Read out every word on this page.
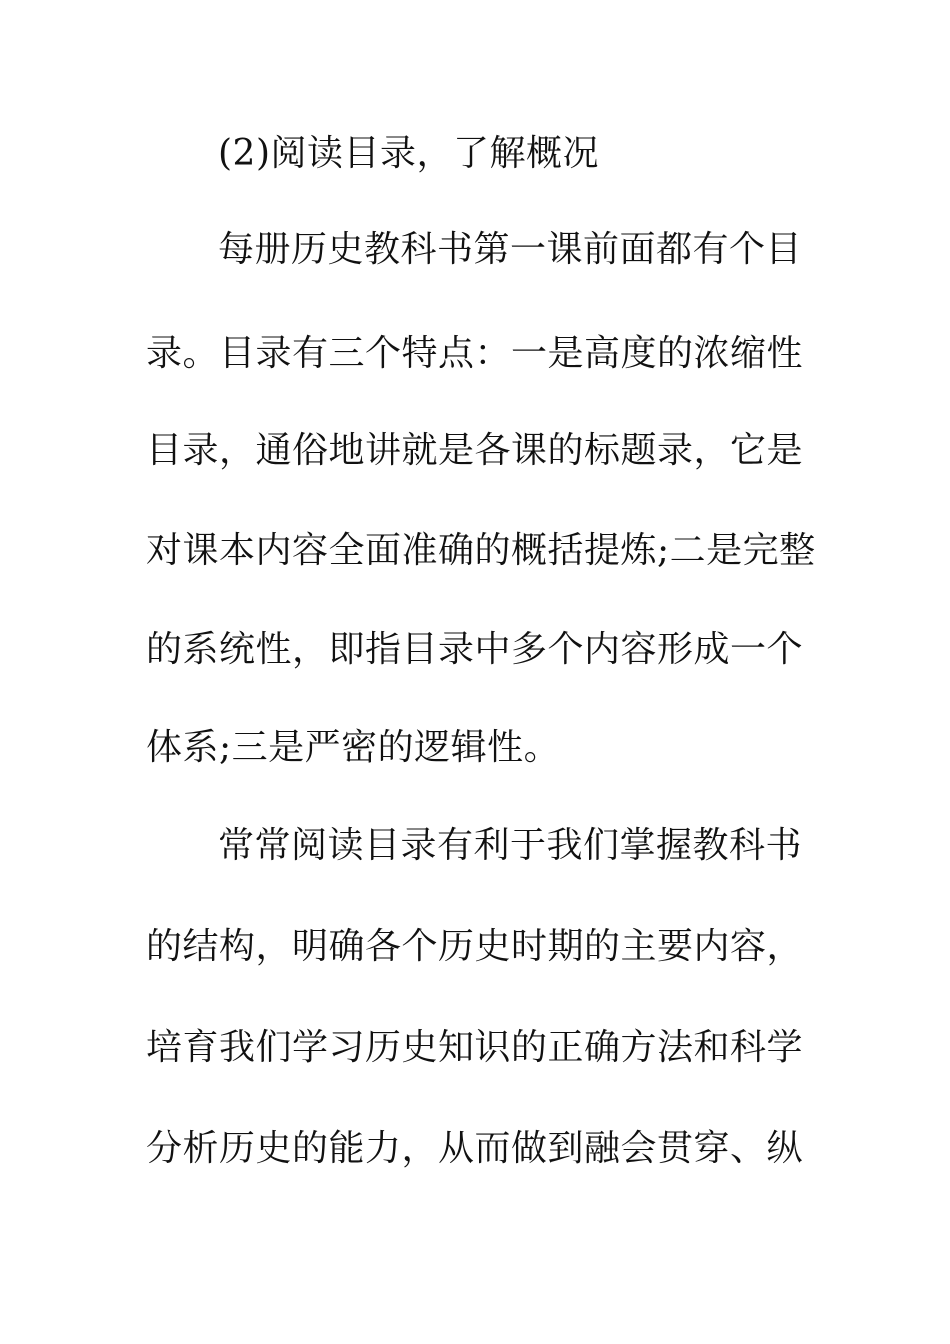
(2)阅读目录，了解概况
每册历史教科书第一课前面都有个目
录。目录有三个特点：一是高度的浓缩性
目录，通俗地讲就是各课的标题录，它是
对课本内容全面准确的概括提炼;二是完整
的系统性，即指目录中多个内容形成一个
体系;三是严密的逻辑性。
常常阅读目录有利于我们掌握教科书
的结构，明确各个历史时期的主要内容，
培育我们学习历史知识的正确方法和科学
分析历史的能力，从而做到融会贯穿、纵
